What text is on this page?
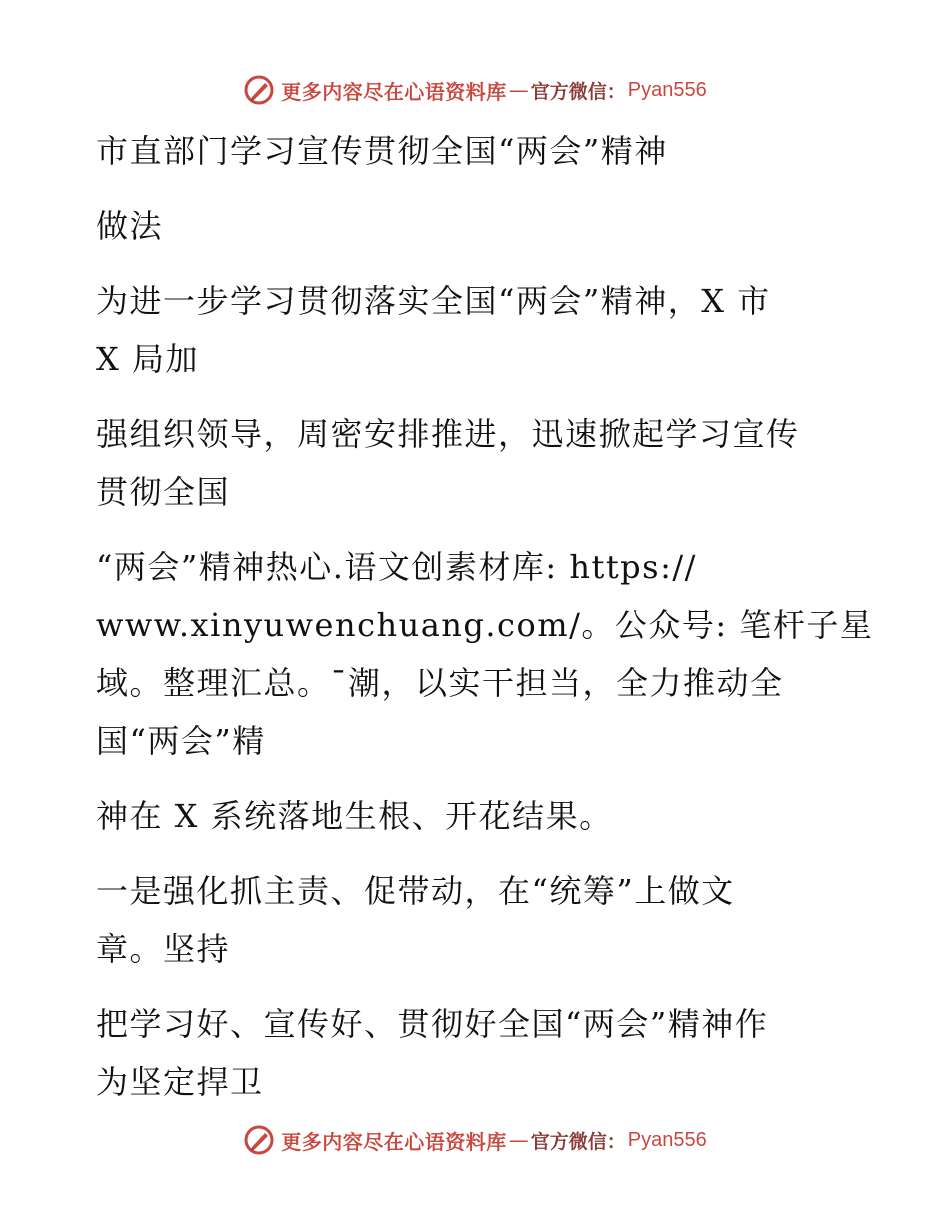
更多内容尽在心语资料库 — 官方微信： Pyan556
市直部门学习宣传贯彻全国“两会”精神
做法
为进一步学习贯彻落实全国“两会”精神，X 市
X 局加
强组织领导，周密安排推进，迅速掀起学习宣传
贯彻全国
“两会”精神热心.语文创素材库: https://
www.xinyuwenchuang.com/。公众号: 笔杆子星
域。整理汇总。¯潮，以实干担当，全力推动全
国“两会”精
神在 X 系统落地生根、开花结果。
一是强化抓主责、促带动，在“统筹”上做文
章。坚持
把学习好、宣传好、贯彻好全国“两会”精神作
为坚定捍卫
更多内容尽在心语资料库 — 官方微信： Pyan556
